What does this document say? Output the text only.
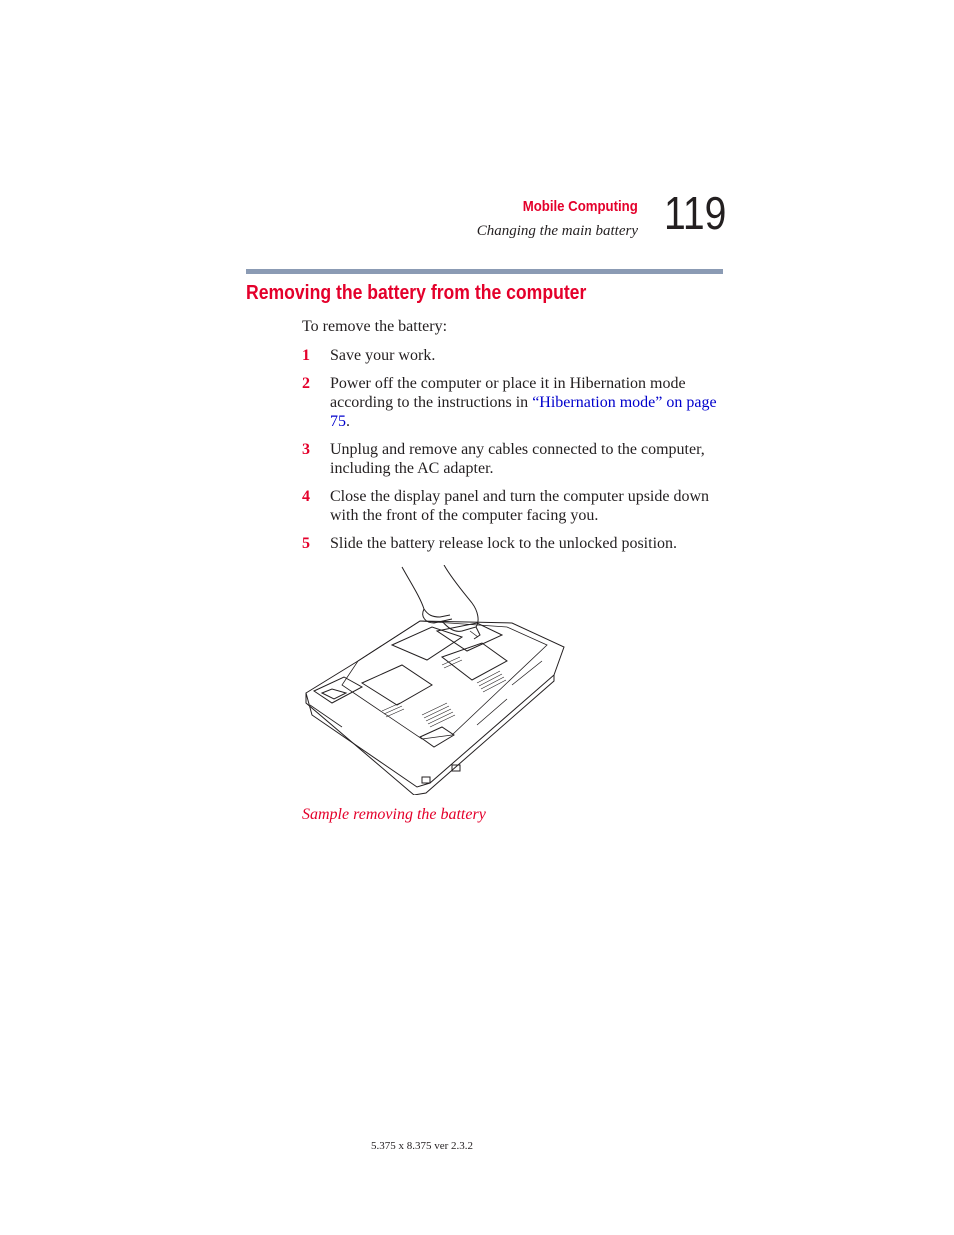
Mobile Computing
Changing the main battery 119
Removing the battery from the computer

To remove the battery:

1 Save your work.
2 Power off the computer or place it in Hibernation mode according to the instructions in “Hibernation mode” on page 75.
3 Unplug and remove any cables connected to the computer, including the AC adapter.
4 Close the display panel and turn the computer upside down with the front of the computer facing you.
5 Slide the battery release lock to the unlocked position.

Sample removing the battery

5.375 x 8.375 ver 2.3.2
